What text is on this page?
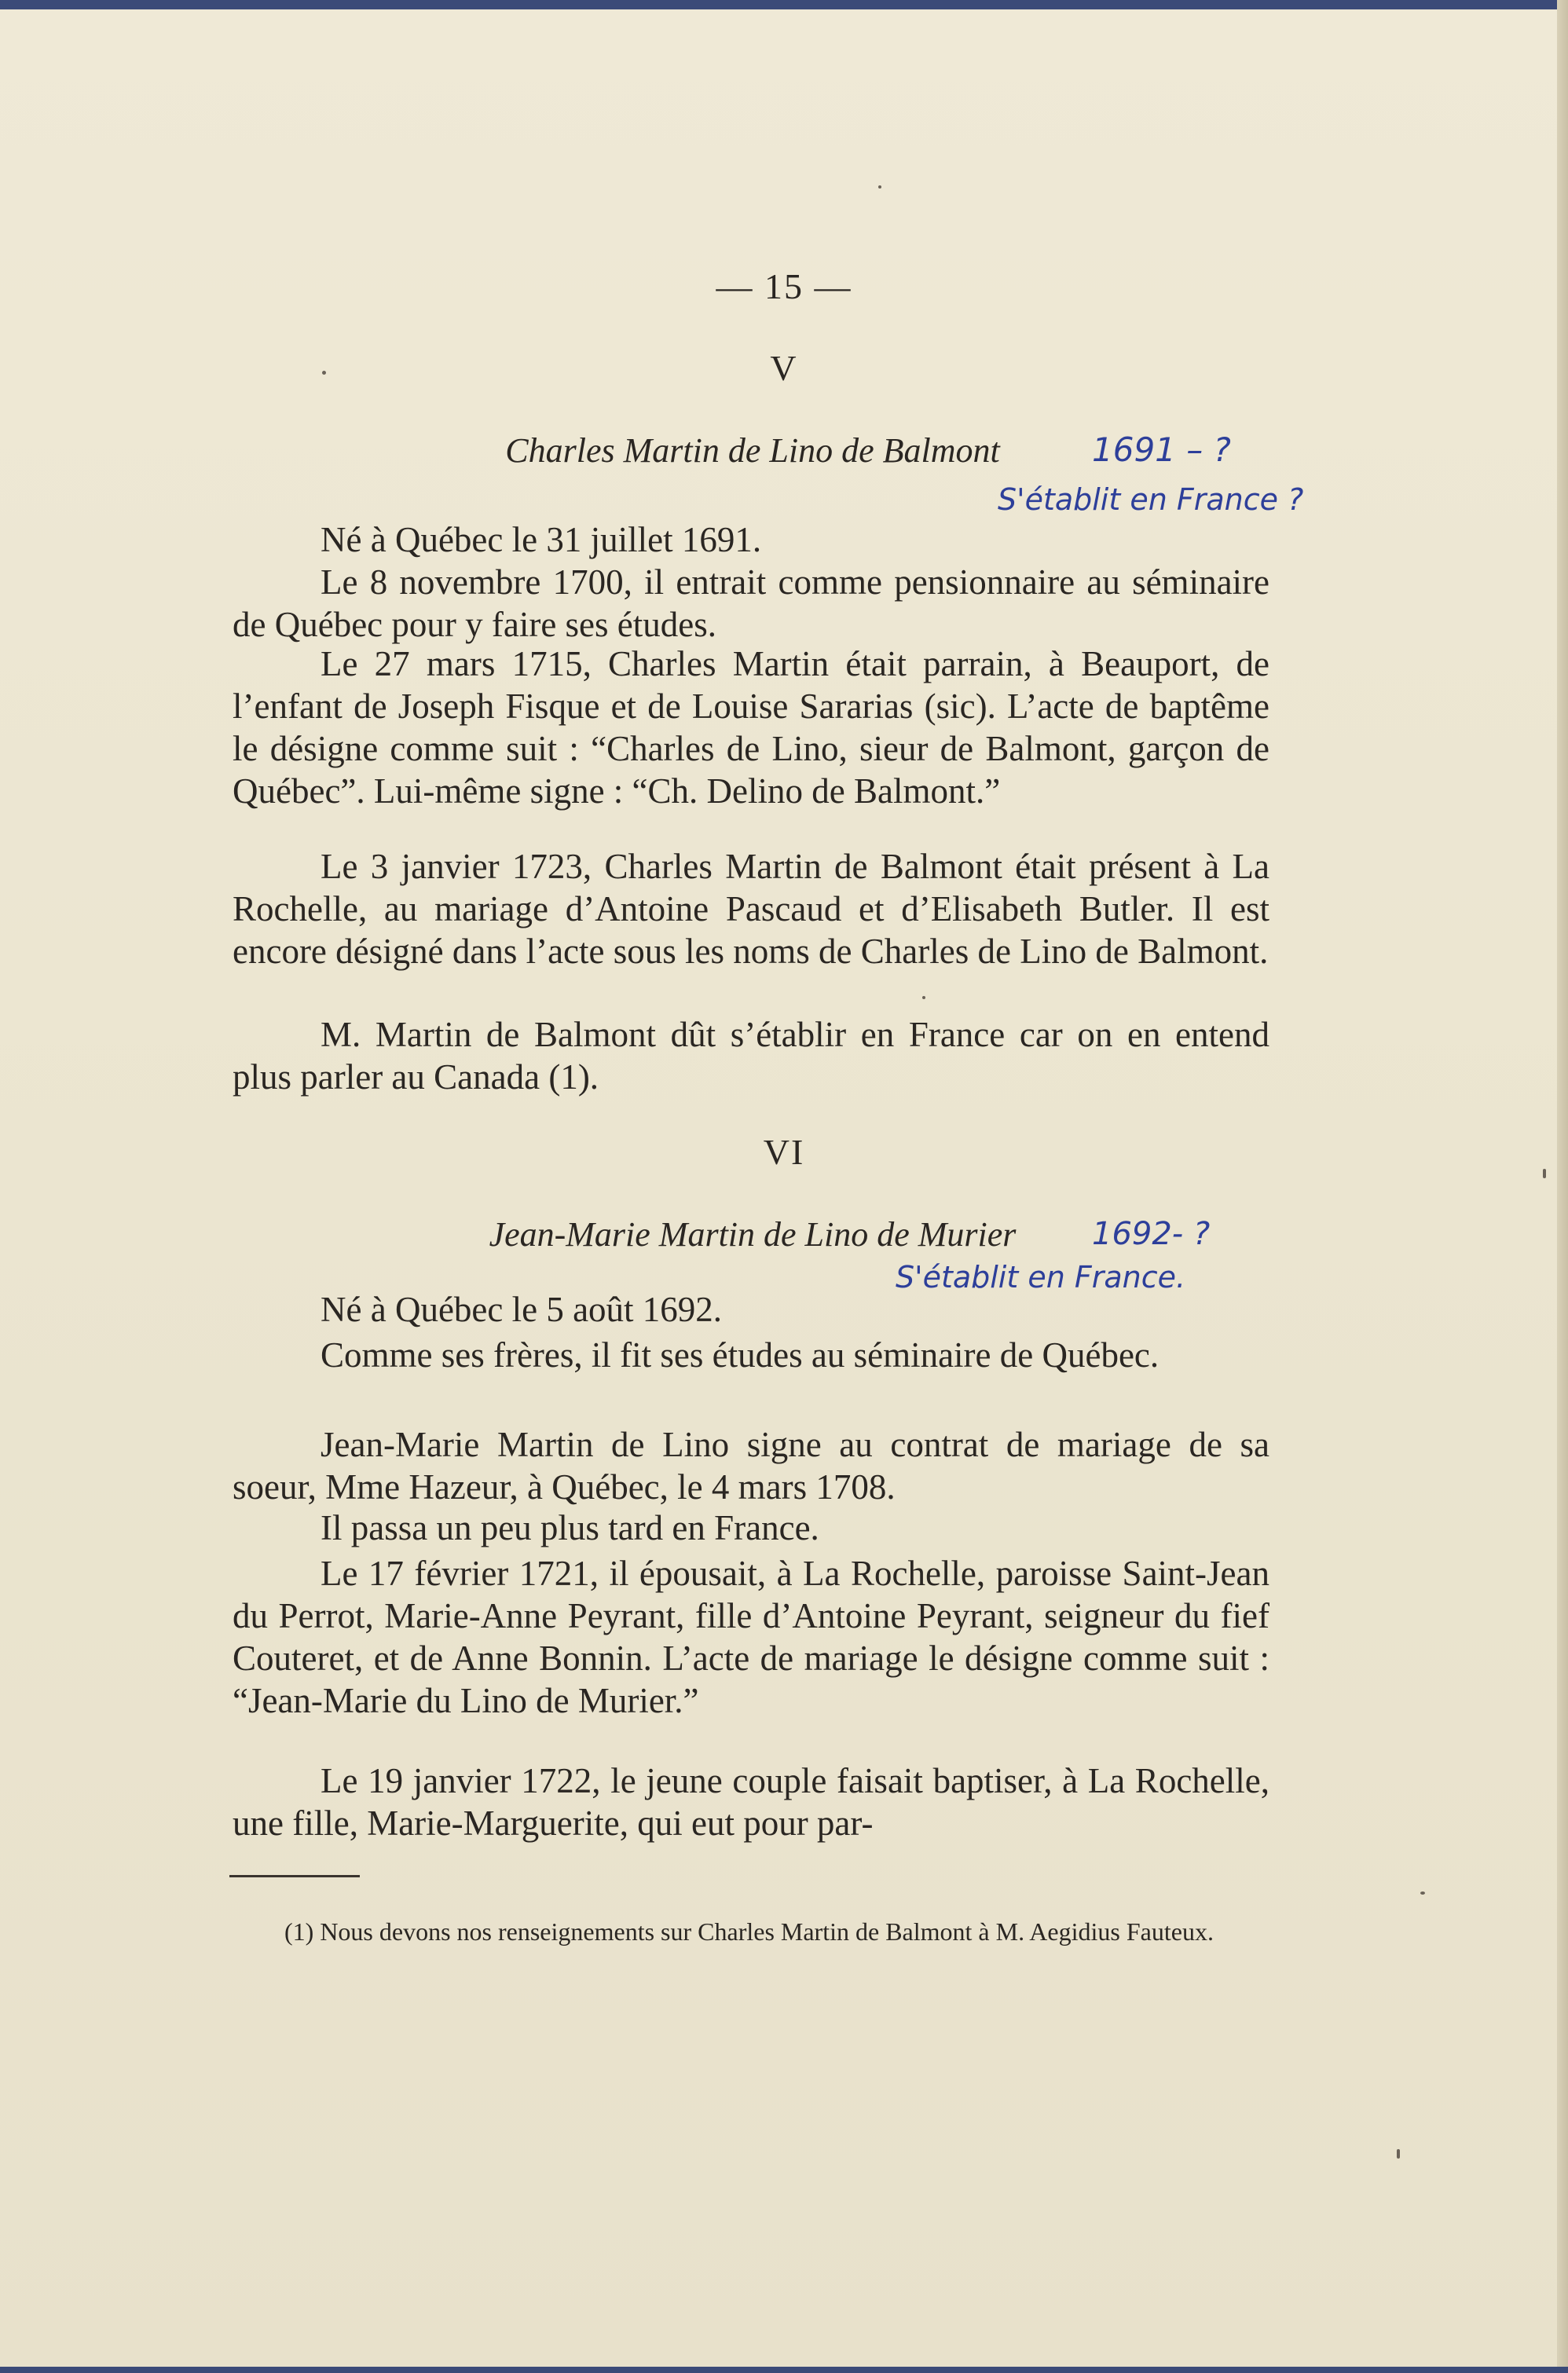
— 15 —
V
Charles Martin de Lino de Balmont	1691 – ?
S'établit en France ?

Né à Québec le 31 juillet 1691.

Le 8 novembre 1700, il entrait comme pensionnaire au séminaire de Québec pour y faire ses études.

Le 27 mars 1715, Charles Martin était parrain, à Beauport, de l’enfant de Joseph Fisque et de Louise Sararias (sic). L’acte de baptême le désigne comme suit : “Charles de Lino, sieur de Balmont, garçon de Québec”. Lui-même signe : “Ch. Delino de Balmont.”

Le 3 janvier 1723, Charles Martin de Balmont était présent à La Rochelle, au mariage d’Antoine Pascaud et d’Elisabeth Butler. Il est encore désigné dans l’acte sous les noms de Charles de Lino de Balmont.

M. Martin de Balmont dût s’établir en France car on en entend plus parler au Canada (1).

VI
Jean-Marie Martin de Lino de Murier	1692- ?
S'établit en France.

Né à Québec le 5 août 1692.

Comme ses frères, il fit ses études au séminaire de Québec.

Jean-Marie Martin de Lino signe au contrat de mariage de sa soeur, Mme Hazeur, à Québec, le 4 mars 1708.

Il passa un peu plus tard en France.

Le 17 février 1721, il épousait, à La Rochelle, paroisse Saint-Jean du Perrot, Marie-Anne Peyrant, fille d’Antoine Peyrant, seigneur du fief Couteret, et de Anne Bonnin. L’acte de mariage le désigne comme suit : “Jean-Marie du Lino de Murier.”

Le 19 janvier 1722, le jeune couple faisait baptiser, à La Rochelle, une fille, Marie-Marguerite, qui eut pour par-

(1) Nous devons nos renseignements sur Charles Martin de Balmont à M. Aegidius Fauteux.
